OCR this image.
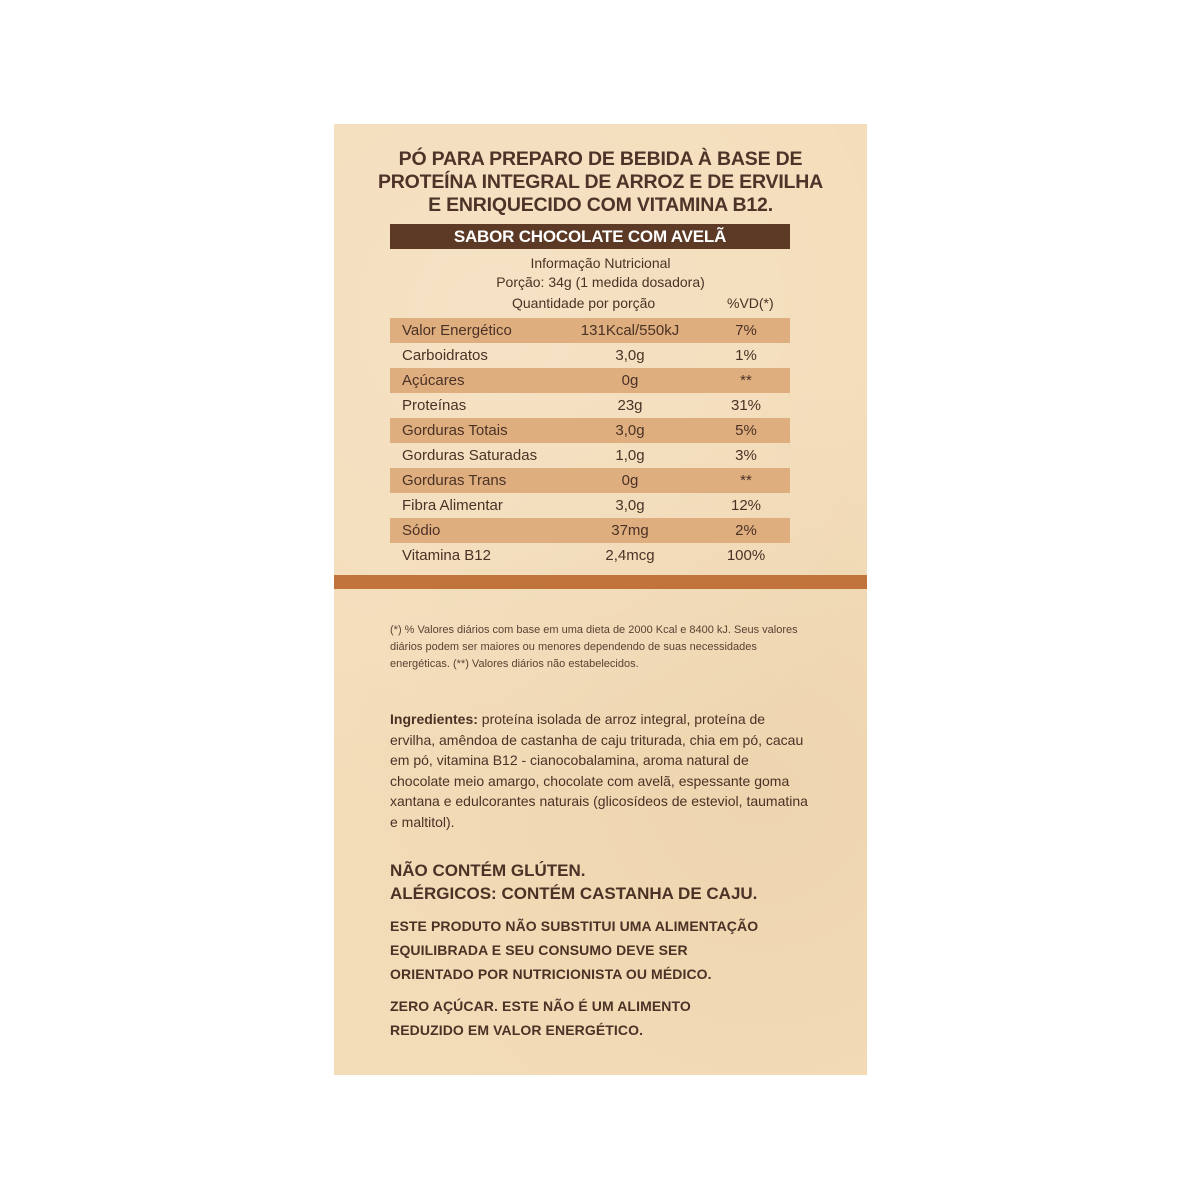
PÓ PARA PREPARO DE BEBIDA À BASE DE
PROTEÍNA INTEGRAL DE ARROZ E DE ERVILHA
E ENRIQUECIDO COM VITAMINA B12.
SABOR CHOCOLATE COM AVELÃ
Informação Nutricional
Porção: 34g (1 medida dosadora)
Quantidade por porção	%VD(*)
Valor Energético	131Kcal/550kJ	7%
Carboidratos	3,0g	1%
Açúcares	0g	**
Proteínas	23g	31%
Gorduras Totais	3,0g	5%
Gorduras Saturadas	1,0g	3%
Gorduras Trans	0g	**
Fibra Alimentar	3,0g	12%
Sódio	37mg	2%
Vitamina B12	2,4mcg	100%
(*) % Valores diários com base em uma dieta de 2000 Kcal e 8400 kJ. Seus valores diários podem ser maiores ou menores dependendo de suas necessidades energéticas. (**) Valores diários não estabelecidos.
Ingredientes: proteína isolada de arroz integral, proteína de ervilha, amêndoa de castanha de caju triturada, chia em pó, cacau em pó, vitamina B12 - cianocobalamina, aroma natural de chocolate meio amargo, chocolate com avelã, espessante goma xantana e edulcorantes naturais (glicosídeos de esteviol, taumatina e maltitol).
NÃO CONTÉM GLÚTEN.
ALÉRGICOS: CONTÉM CASTANHA DE CAJU.
ESTE PRODUTO NÃO SUBSTITUI UMA ALIMENTAÇÃO
EQUILIBRADA E SEU CONSUMO DEVE SER
ORIENTADO POR NUTRICIONISTA OU MÉDICO.
ZERO AÇÚCAR. ESTE NÃO É UM ALIMENTO
REDUZIDO EM VALOR ENERGÉTICO.
